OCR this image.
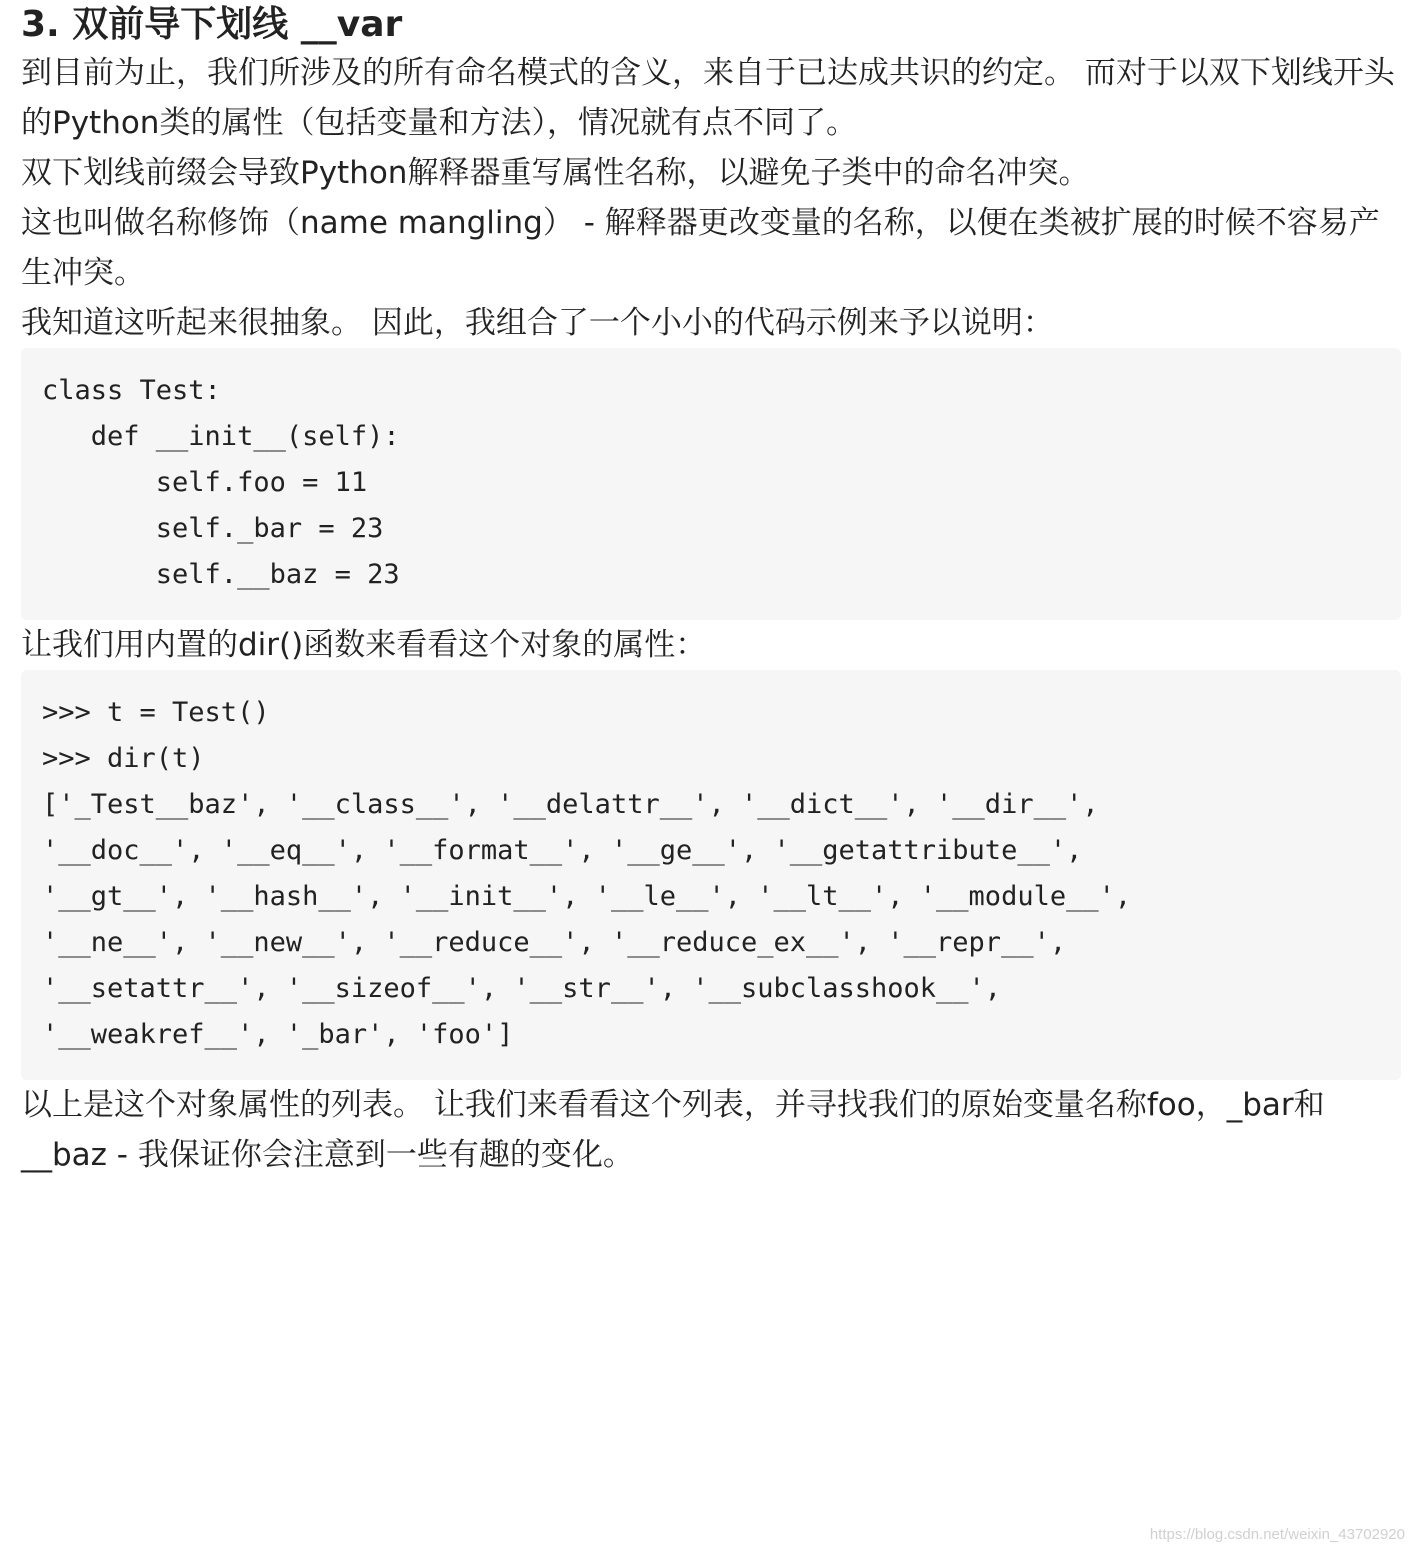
3. 双前导下划线 __var

到目前为止，我们所涉及的所有命名模式的含义，来自于已达成共识的约定。 而对于以双下划线开头的Python类的属性（包括变量和方法），情况就有点不同了。

双下划线前缀会导致Python解释器重写属性名称，以避免子类中的命名冲突。

这也叫做名称修饰（name mangling） - 解释器更改变量的名称，以便在类被扩展的时候不容易产生冲突。

我知道这听起来很抽象。 因此，我组合了一个小小的代码示例来予以说明：

class Test:
def __init__(self):
self.foo = 11
self._bar = 23
self.__baz = 23

让我们用内置的dir()函数来看看这个对象的属性：

>>> t = Test()
>>> dir(t)
['_Test__baz', '__class__', '__delattr__', '__dict__', '__dir__',
'__doc__', '__eq__', '__format__', '__ge__', '__getattribute__',
'__gt__', '__hash__', '__init__', '__le__', '__lt__', '__module__',
'__ne__', '__new__', '__reduce__', '__reduce_ex__', '__repr__',
'__setattr__', '__sizeof__', '__str__', '__subclasshook__',
'__weakref__', '_bar', 'foo']

以上是这个对象属性的列表。 让我们来看看这个列表，并寻找我们的原始变量名称foo，_bar和__baz - 我保证你会注意到一些有趣的变化。

https://blog.csdn.net/weixin_43702920
